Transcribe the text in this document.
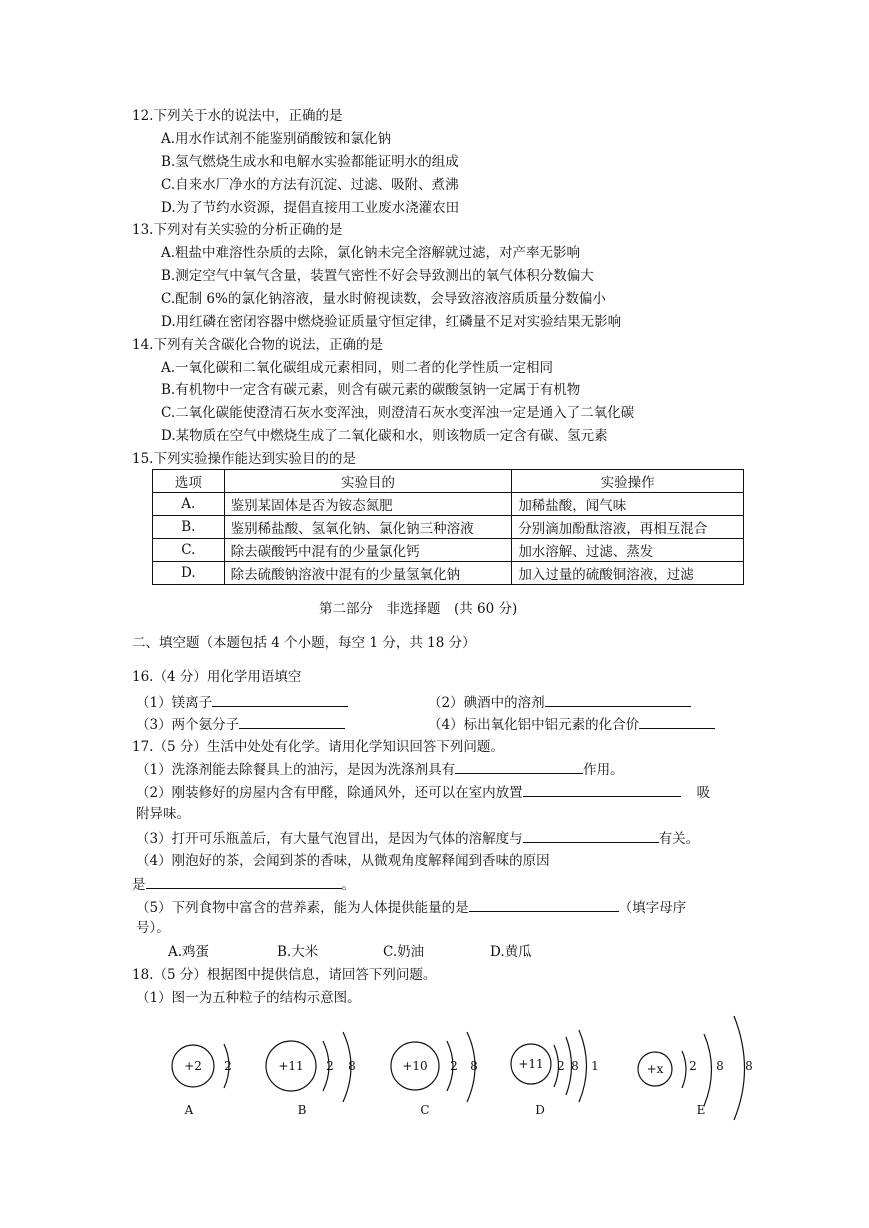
12.下列关于水的说法中，正确的是
A.用水作试剂不能鉴别硝酸铵和氯化钠
B.氢气燃烧生成水和电解水实验都能证明水的组成
C.自来水厂净水的方法有沉淀、过滤、吸附、煮沸
D.为了节约水资源，提倡直接用工业废水浇灌农田
13.下列对有关实验的分析正确的是
A.粗盐中难溶性杂质的去除，氯化钠未完全溶解就过滤，对产率无影响
B.测定空气中氧气含量，装置气密性不好会导致测出的氧气体积分数偏大
C.配制 6%的氯化钠溶液，量水时俯视读数，会导致溶液溶质质量分数偏小
D.用红磷在密闭容器中燃烧验证质量守恒定律，红磷量不足对实验结果无影响
14.下列有关含碳化合物的说法，正确的是
A.一氧化碳和二氧化碳组成元素相同，则二者的化学性质一定相同
B.有机物中一定含有碳元素，则含有碳元素的碳酸氢钠一定属于有机物
C.二氧化碳能使澄清石灰水变浑浊，则澄清石灰水变浑浊一定是通入了二氧化碳
D.某物质在空气中燃烧生成了二氧化碳和水，则该物质一定含有碳、氢元素
15.下列实验操作能达到实验目的的是
选项	实验目的	实验操作
A.	鉴别某固体是否为铵态氮肥	加稀盐酸，闻气味
B.	鉴别稀盐酸、氢氧化钠、氯化钠三种溶液	分别滴加酚酞溶液，再相互混合
C.	除去碳酸钙中混有的少量氯化钙	加水溶解、过滤、蒸发
D.	除去硫酸钠溶液中混有的少量氢氧化钠	加入过量的硫酸铜溶液，过滤
第二部分　非选择题　(共 60 分)
二、填空题（本题包括 4 个小题，每空 1 分，共 18 分）
16.（4 分）用化学用语填空
（1）镁离子	（2）碘酒中的溶剂
（3）两个氨分子	（4）标出氧化铝中铝元素的化合价
17.（5 分）生活中处处有化学。请用化学知识回答下列问题。
（1）洗涤剂能去除餐具上的油污，是因为洗涤剂具有	作用。
（2）刚装修好的房屋内含有甲醛，除通风外，还可以在室内放置	吸
附异味。
（3）打开可乐瓶盖后，有大量气泡冒出，是因为气体的溶解度与	有关。
（4）刚泡好的茶，会闻到茶的香味，从微观角度解释闻到香味的原因
是	。
（5）下列食物中富含的营养素，能为人体提供能量的是	（填字母序
号）。
A.鸡蛋	B.大米	C.奶油	D.黄瓜
18.（5 分）根据图中提供信息，请回答下列问题。
（1）图一为五种粒子的结构示意图。
+2 2
A
+11 2 8
B
+10 2 8
C
+11 2 8 1
D
+x 2 8 8
E
